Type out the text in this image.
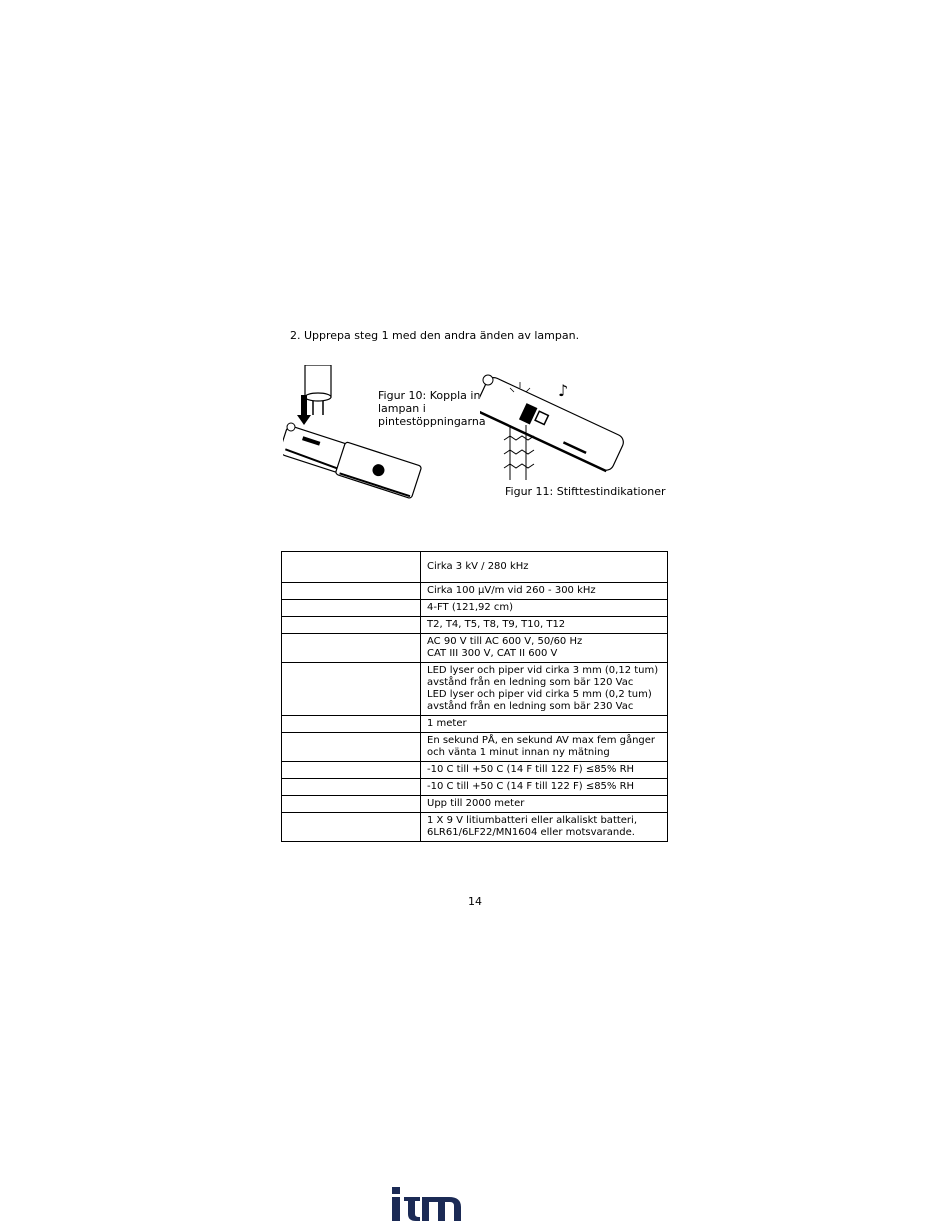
2. Upprepa steg 1 med den andra änden av lampan.
Figur 10: Koppla in lampan i pintestöppningarna
♪
Figur 11: Stifttestindikationer
	Cirka 3 kV / 280 kHz
	Cirka 100 µV/m vid 260 - 300 kHz
	4-FT (121,92 cm)
	T2, T4, T5, T8, T9, T10, T12
	AC 90 V till AC 600 V, 50/60 Hz
CAT III 300 V, CAT II 600 V
	LED lyser och piper vid cirka 3 mm (0,12 tum) avstånd från en ledning som bär 120 Vac
LED lyser och piper vid cirka 5 mm (0,2 tum) avstånd från en ledning som bär 230 Vac
	1 meter
	En sekund PÅ, en sekund AV max fem gånger och vänta 1 minut innan ny mätning
	-10 C till +50 C (14 F till 122 F) ≤85% RH
	-10 C till +50 C (14 F till 122 F) ≤85% RH
	Upp till 2000 meter
	1 X 9 V litiumbatteri eller alkaliskt batteri, 6LR61/6LF22/MN1604 eller motsvarande.
14
